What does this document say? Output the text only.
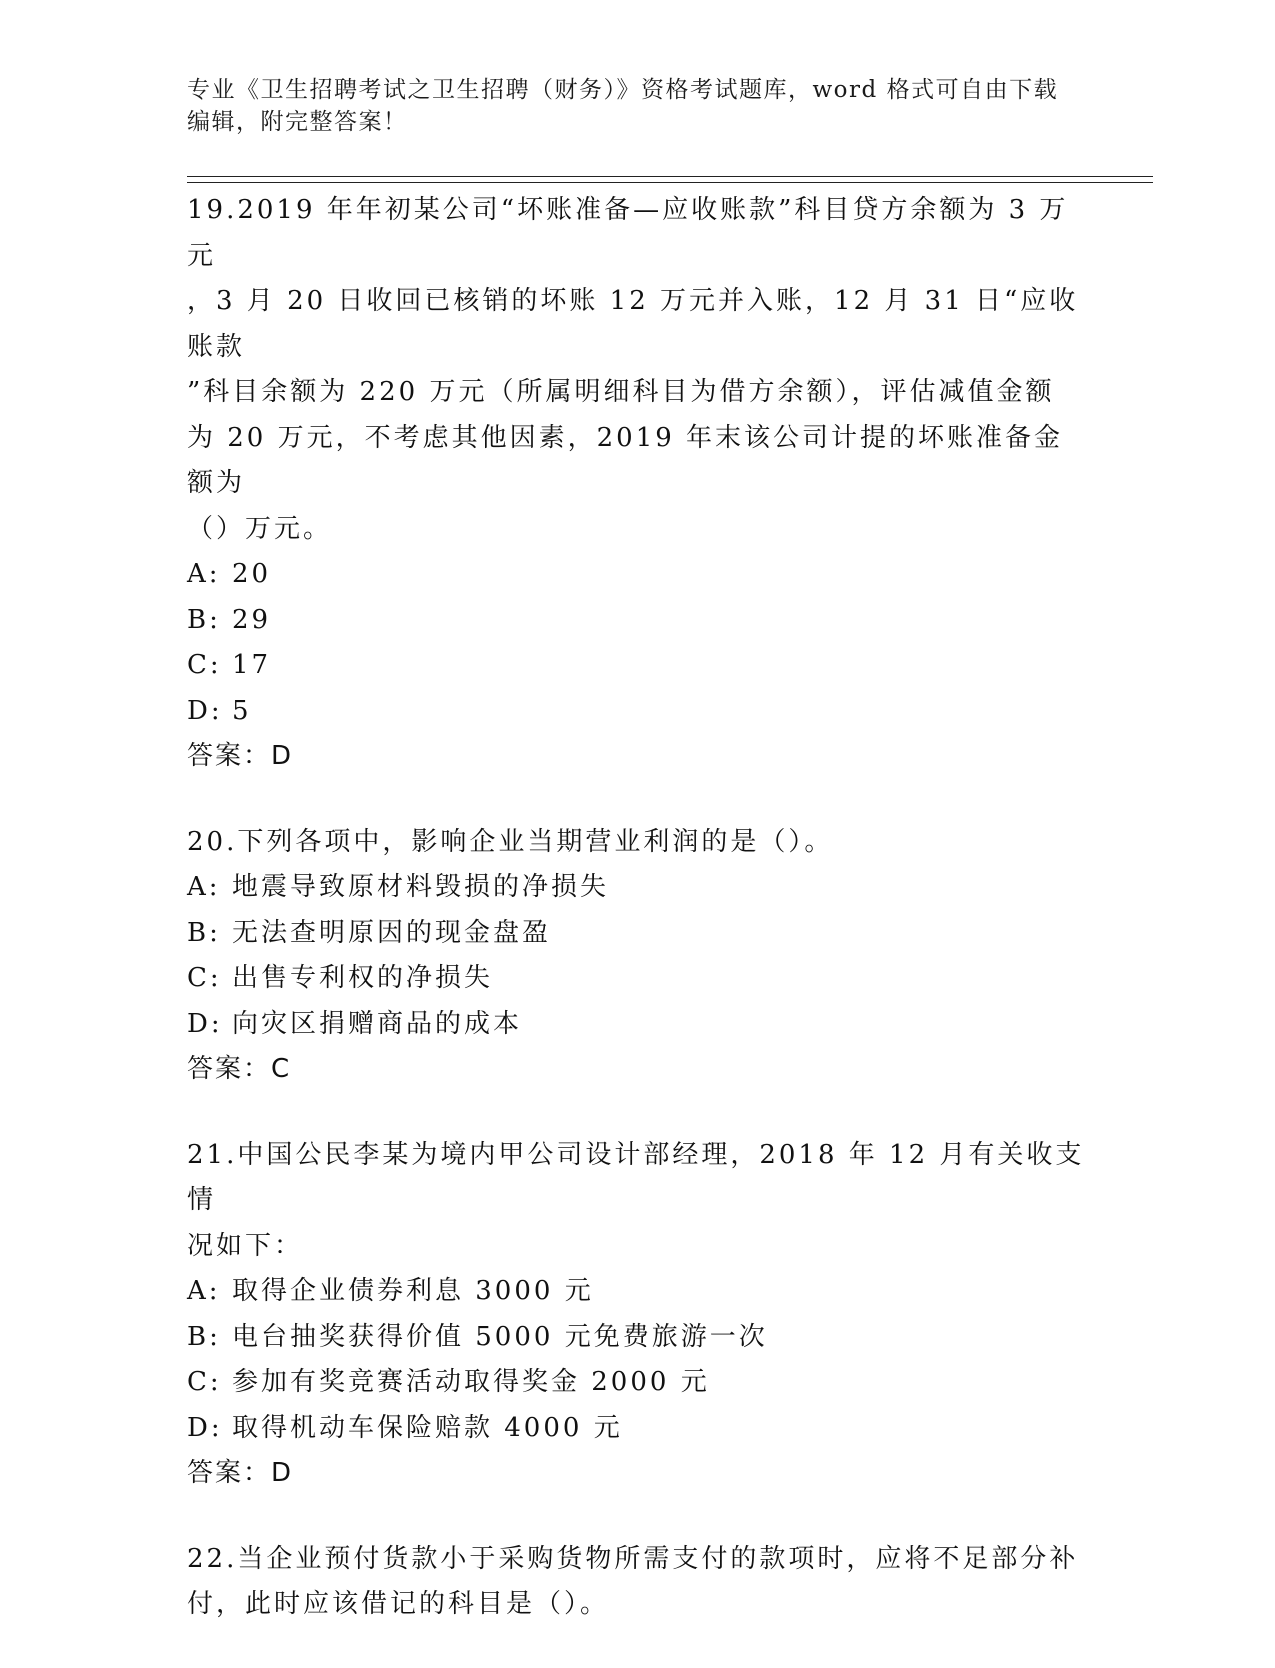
专业《卫生招聘考试之卫生招聘（财务）》资格考试题库，word 格式可自由下载
编辑，附完整答案！
19.2019 年年初某公司“坏账准备—应收账款”科目贷方余额为 3 万元
，3 月 20 日收回已核销的坏账 12 万元并入账，12 月 31 日“应收账款
”科目余额为 220 万元（所属明细科目为借方余额），评估减值金额
为 20 万元，不考虑其他因素，2019 年末该公司计提的坏账准备金额为
（）万元。
A: 20
B: 29
C: 17
D: 5
答案：D
20.下列各项中，影响企业当期营业利润的是（）。
A: 地震导致原材料毁损的净损失
B: 无法查明原因的现金盘盈
C: 出售专利权的净损失
D: 向灾区捐赠商品的成本
答案：C
21.中国公民李某为境内甲公司设计部经理，2018 年 12 月有关收支情
况如下：
A: 取得企业债券利息 3000 元
B: 电台抽奖获得价值 5000 元免费旅游一次
C: 参加有奖竞赛活动取得奖金 2000 元
D: 取得机动车保险赔款 4000 元
答案：D
22.当企业预付货款小于采购货物所需支付的款项时，应将不足部分补
付，此时应该借记的科目是（）。
